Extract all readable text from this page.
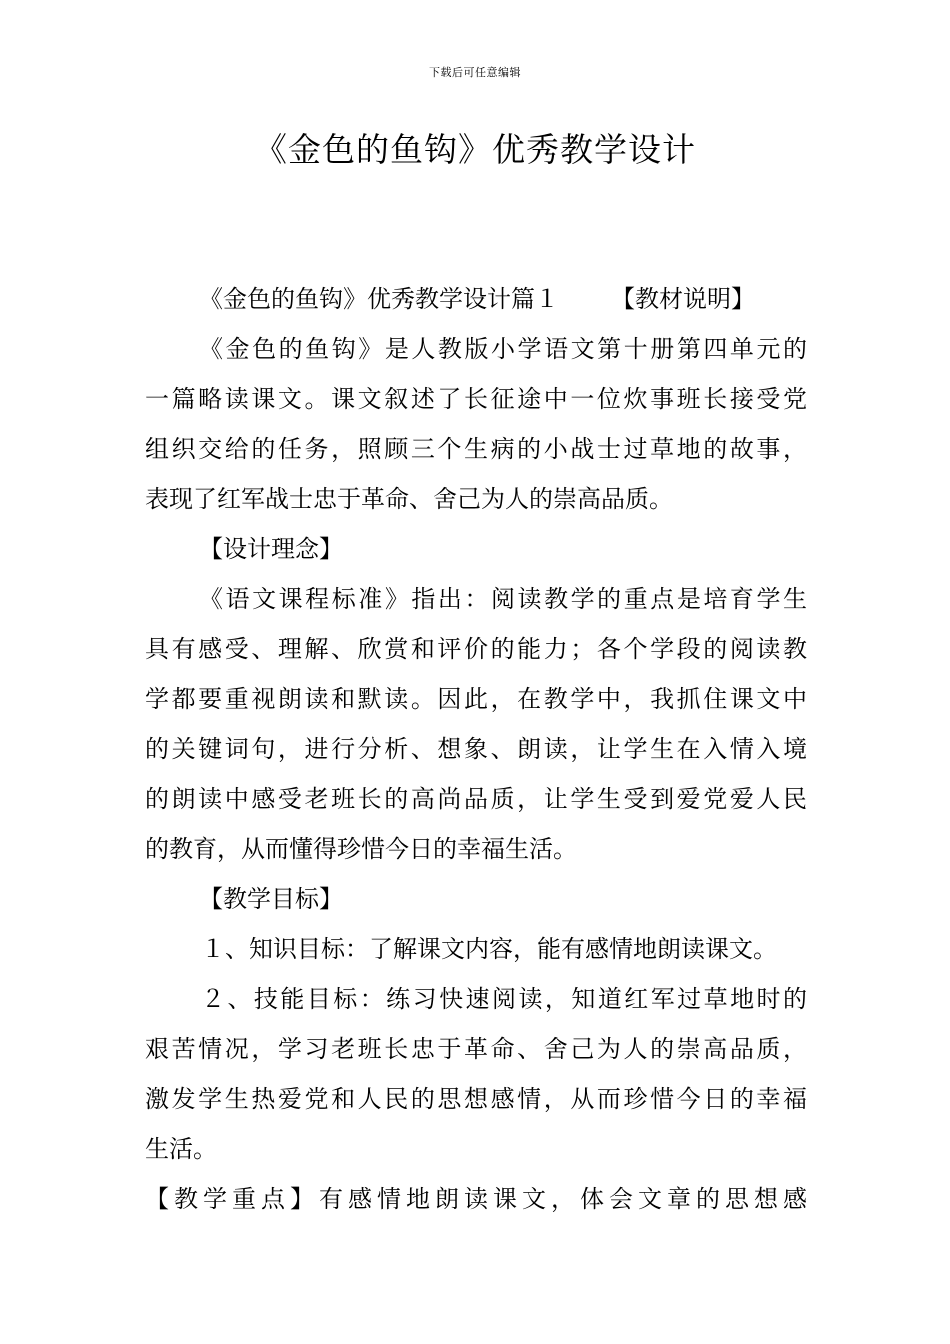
下载后可任意编辑
《金色的鱼钩》优秀教学设计
《金色的鱼钩》优秀教学设计篇１ 【教材说明】
《金色的鱼钩》是人教版小学语文第十册第四单元的
一篇略读课文。课文叙述了长征途中一位炊事班长接受党
组织交给的任务，照顾三个生病的小战士过草地的故事，
表现了红军战士忠于革命、舍己为人的崇高品质。
【设计理念】
《语文课程标准》指出：阅读教学的重点是培育学生
具有感受、理解、欣赏和评价的能力；各个学段的阅读教
学都要重视朗读和默读。因此，在教学中，我抓住课文中
的关键词句，进行分析、想象、朗读，让学生在入情入境
的朗读中感受老班长的高尚品质，让学生受到爱党爱人民
的教育，从而懂得珍惜今日的幸福生活。
【教学目标】
１、知识目标：了解课文内容，能有感情地朗读课文。
２、技能目标：练习快速阅读，知道红军过草地时的
艰苦情况，学习老班长忠于革命、舍己为人的崇高品质，
激发学生热爱党和人民的思想感情，从而珍惜今日的幸福
生活。
【教学重点】有感情地朗读课文，体会文章的思想感
